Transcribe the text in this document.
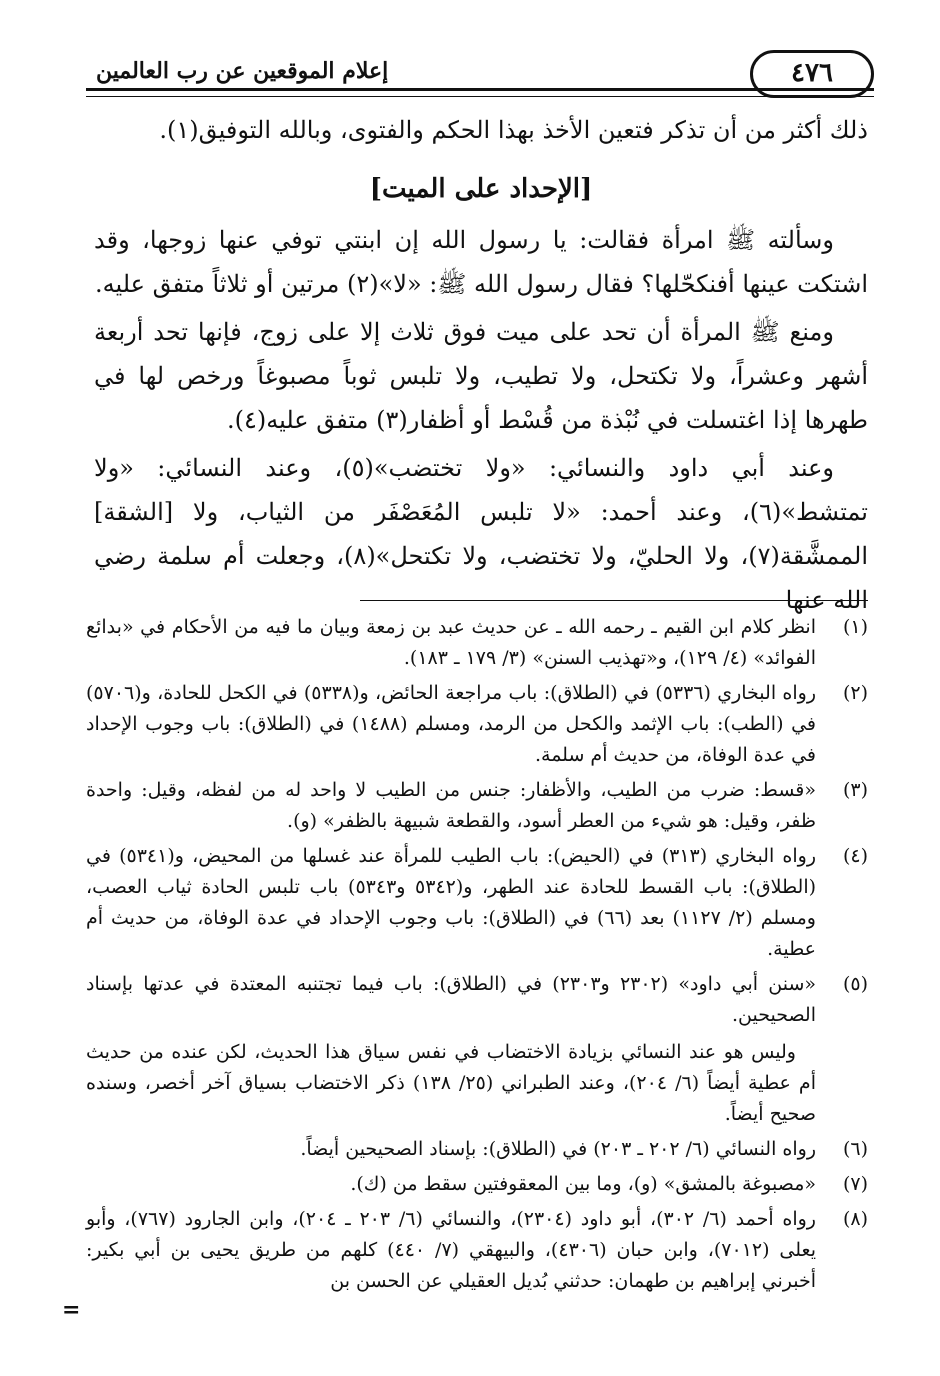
إعلام الموقعين عن رب العالمين	٤٧٦

ذلك أكثر من أن تذكر فتعين الأخذ بهذا الحكم والفتوى، وبالله التوفيق(١).

[الإحداد على الميت]

وسألته ﷺ امرأة فقالت: يا رسول الله إن ابنتي توفي عنها زوجها، وقد اشتكت عينها أفنكحّلها؟ فقال رسول الله ﷺ: «لا»(٢) مرتين أو ثلاثاً متفق عليه.

ومنع ﷺ المرأة أن تحد على ميت فوق ثلاث إلا على زوج، فإنها تحد أربعة أشهر وعشراً، ولا تكتحل، ولا تطيب، ولا تلبس ثوباً مصبوغاً ورخص لها في طهرها إذا اغتسلت في نُبْذة من قُسْط أو أظفار(٣) متفق عليه(٤).

وعند أبي داود والنسائي: «ولا تختضب»(٥)، وعند النسائي: «ولا تمتشط»(٦)، وعند أحمد: «لا تلبس المُعَصْفَر من الثياب، ولا [الشقة] الممشَّقة(٧)، ولا الحليّ، ولا تختضب، ولا تكتحل»(٨)، وجعلت أم سلمة رضي الله عنها

(١)
انظر كلام ابن القيم ـ رحمه الله ـ عن حديث عبد بن زمعة وبيان ما فيه من الأحكام في «بدائع الفوائد» (٤/ ١٢٩)، و«تهذيب السنن» (٣/ ١٧٩ ـ ١٨٣).
(٢)
رواه البخاري (٥٣٣٦) في (الطلاق): باب مراجعة الحائض، و(٥٣٣٨) في الكحل للحادة، و(٥٧٠٦) في (الطب): باب الإثمد والكحل من الرمد، ومسلم (١٤٨٨) في (الطلاق): باب وجوب الإحداد في عدة الوفاة، من حديث أم سلمة.
(٣)
«قسط: ضرب من الطيب، والأظفار: جنس من الطيب لا واحد له من لفظه، وقيل: واحدة ظفر، وقيل: هو شيء من العطر أسود، والقطعة شبيهة بالظفر» (و).
(٤)
رواه البخاري (٣١٣) في (الحيض): باب الطيب للمرأة عند غسلها من المحيض، و(٥٣٤١) في (الطلاق): باب القسط للحادة عند الطهر، و(٥٣٤٢ و٥٣٤٣) باب تلبس الحادة ثياب العصب، ومسلم (٢/ ١١٢٧) بعد (٦٦) في (الطلاق): باب وجوب الإحداد في عدة الوفاة، من حديث أم عطية.
(٥)
«سنن أبي داود» (٢٣٠٢ و٢٣٠٣) في (الطلاق): باب فيما تجتنبه المعتدة في عدتها بإسناد الصحيحين.
وليس هو عند النسائي بزيادة الاختضاب في نفس سياق هذا الحديث، لكن عنده من حديث أم عطية أيضاً (٦/ ٢٠٤)، وعند الطبراني (٢٥/ ١٣٨) ذكر الاختضاب بسياق آخر أخصر، وسنده صحيح أيضاً.
(٦)
رواه النسائي (٦/ ٢٠٢ ـ ٢٠٣) في (الطلاق): بإسناد الصحيحين أيضاً.
(٧)
«مصبوغة بالمشق» (و)، وما بين المعقوفتين سقط من (ك).
(٨)
رواه أحمد (٦/ ٣٠٢)، أبو داود (٢٣٠٤)، والنسائي (٦/ ٢٠٣ ـ ٢٠٤)، وابن الجارود (٧٦٧)، وأبو يعلى (٧٠١٢)، وابن حبان (٤٣٠٦)، والبيهقي (٧/ ٤٤٠) كلهم من طريق يحيى بن أبي بكير: أخبرني إبراهيم بن طهمان: حدثني بُديل العقيلي عن الحسن بن
=
